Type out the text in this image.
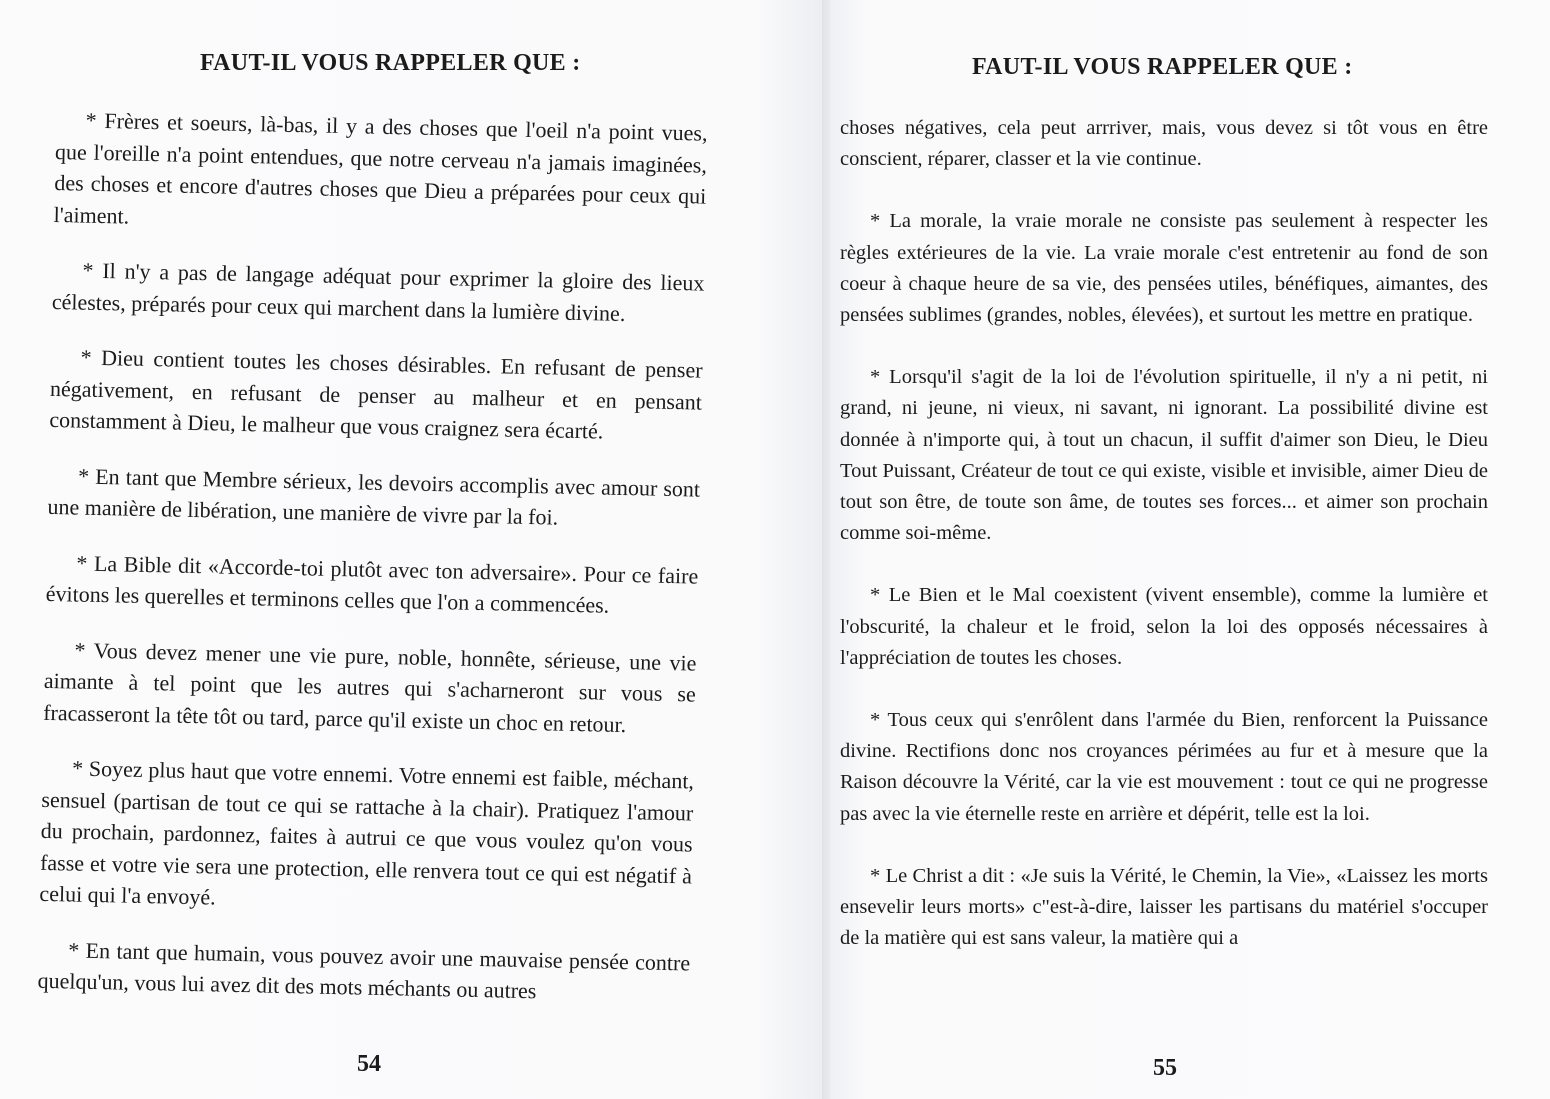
FAUT-IL VOUS RAPPELER QUE :

* Frères et soeurs, là-bas, il y a des choses que l'oeil n'a point vues, que l'oreille n'a point entendues, que notre cerveau n'a jamais imaginées, des choses et encore d'autres choses que Dieu a préparées pour ceux qui l'aiment.

* Il n'y a pas de langage adéquat pour exprimer la gloire des lieux célestes, préparés pour ceux qui marchent dans la lumière divine.

* Dieu contient toutes les choses désirables. En refusant de penser négativement, en refusant de penser au malheur et en pensant constamment à Dieu, le malheur que vous craignez sera écarté.

* En tant que Membre sérieux, les devoirs accomplis avec amour sont une manière de libération, une manière de vivre par la foi.

* La Bible dit «Accorde-toi plutôt avec ton adversaire». Pour ce faire évitons les querelles et terminons celles que l'on a commencées.

* Vous devez mener une vie pure, noble, honnête, sérieuse, une vie aimante à tel point que les autres qui s'acharneront sur vous se fracasseront la tête tôt ou tard, parce qu'il existe un choc en retour.

* Soyez plus haut que votre ennemi. Votre ennemi est faible, méchant, sensuel (partisan de tout ce qui se rattache à la chair). Pratiquez l'amour du prochain, pardonnez, faites à autrui ce que vous voulez qu'on vous fasse et votre vie sera une protection, elle renvera tout ce qui est négatif à celui qui l'a envoyé.

* En tant que humain, vous pouvez avoir une mauvaise pensée contre quelqu'un, vous lui avez dit des mots méchants ou autres

54
FAUT-IL VOUS RAPPELER QUE :

choses négatives, cela peut arrriver, mais, vous devez si tôt vous en être conscient, réparer, classer et la vie continue.

* La morale, la vraie morale ne consiste pas seulement à respecter les règles extérieures de la vie. La vraie morale c'est entretenir au fond de son coeur à chaque heure de sa vie, des pensées utiles, bénéfiques, aimantes, des pensées sublimes (grandes, nobles, élevées), et surtout les mettre en pratique.

* Lorsqu'il s'agit de la loi de l'évolution spirituelle, il n'y a ni petit, ni grand, ni jeune, ni vieux, ni savant, ni ignorant. La possibilité divine est donnée à n'importe qui, à tout un chacun, il suffit d'aimer son Dieu, le Dieu Tout Puissant, Créateur de tout ce qui existe, visible et invisible, aimer Dieu de tout son être, de toute son âme, de toutes ses forces... et aimer son prochain comme soi-même.

* Le Bien et le Mal coexistent (vivent ensemble), comme la lumière et l'obscurité, la chaleur et le froid, selon la loi des opposés nécessaires à l'appréciation de toutes les choses.

* Tous ceux qui s'enrôlent dans l'armée du Bien, renforcent la Puissance divine. Rectifions donc nos croyances périmées au fur et à mesure que la Raison découvre la Vérité, car la vie est mouvement : tout ce qui ne progresse pas avec la vie éternelle reste en arrière et dépérit, telle est la loi.

* Le Christ a dit : «Je suis la Vérité, le Chemin, la Vie», «Laissez les morts ensevelir leurs morts» c"est-à-dire, laisser les partisans du matériel s'occuper de la matière qui est sans valeur, la matière qui a

55
